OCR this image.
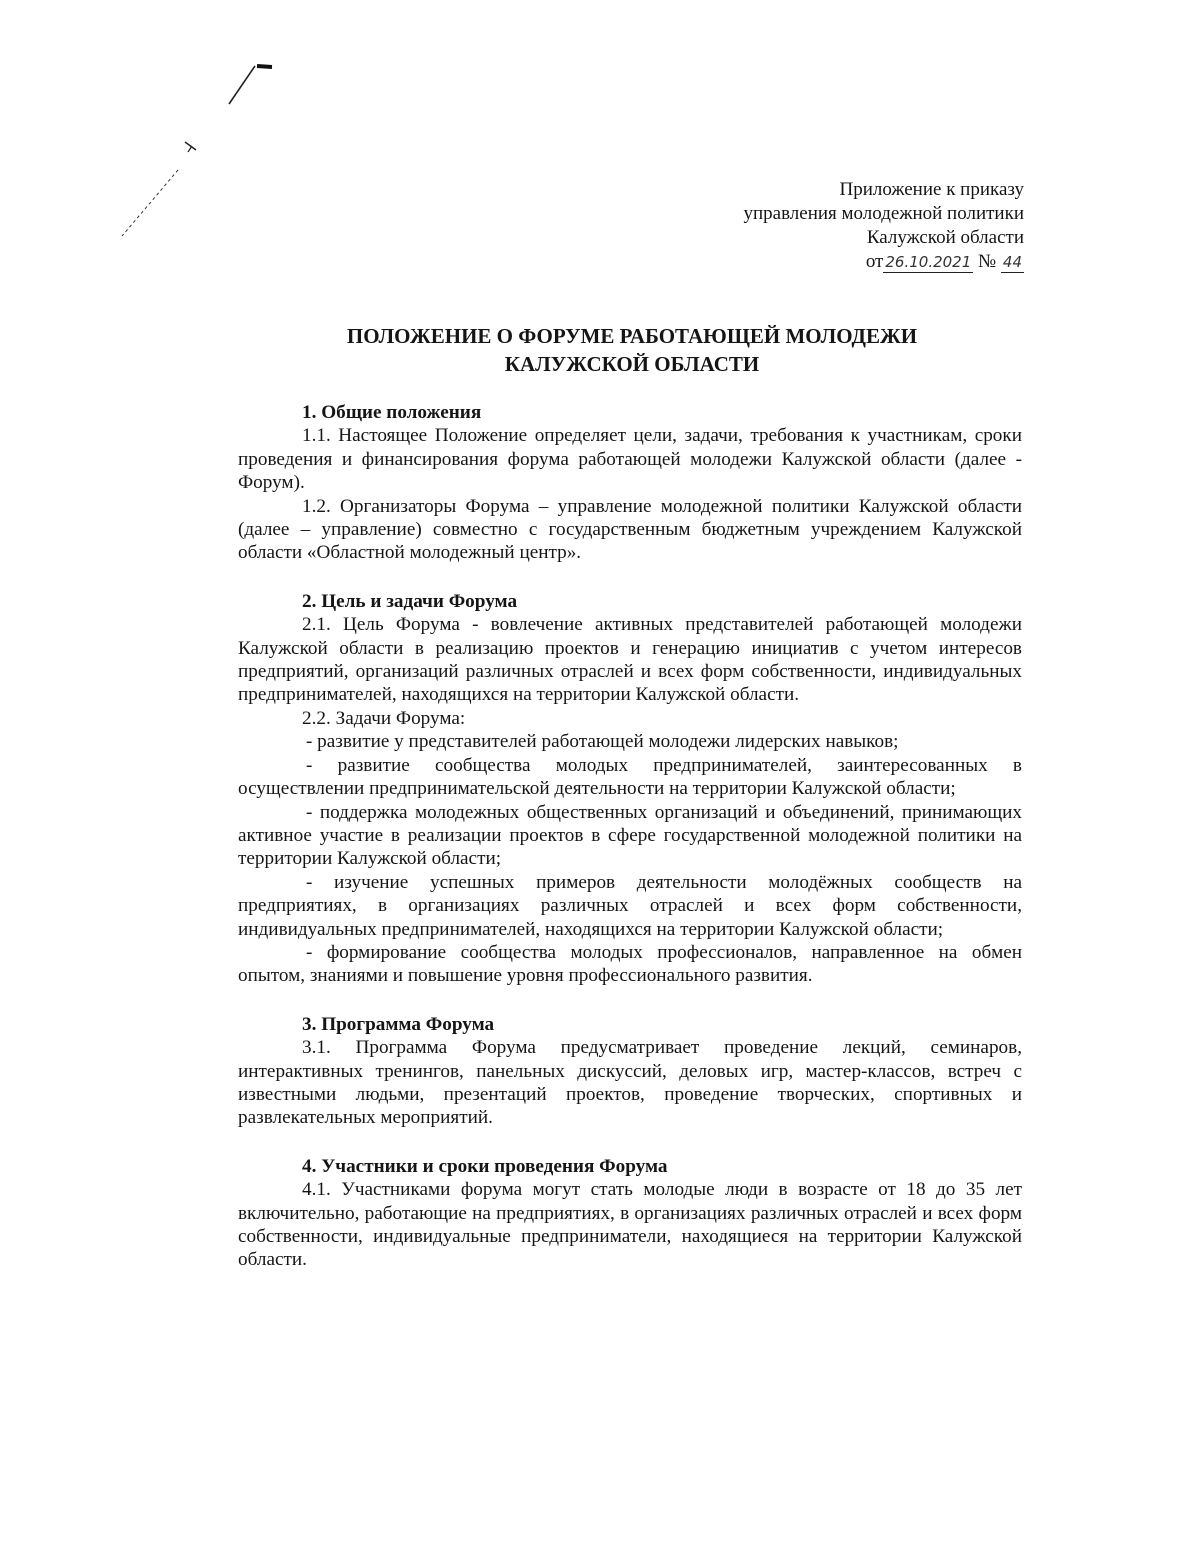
Приложение к приказу
управления молодежной политики
Калужской области
от 26.10.2021 № 44
ПОЛОЖЕНИЕ О ФОРУМЕ РАБОТАЮЩЕЙ МОЛОДЕЖИ
КАЛУЖСКОЙ ОБЛАСТИ
1. Общие положения
1.1. Настоящее Положение определяет цели, задачи, требования к участникам, сроки проведения и финансирования форума работающей молодежи Калужской области (далее - Форум).
1.2. Организаторы Форума – управление молодежной политики Калужской области (далее – управление) совместно с государственным бюджетным учреждением Калужской области «Областной молодежный центр».
2. Цель и задачи Форума
2.1. Цель Форума - вовлечение активных представителей работающей молодежи Калужской области в реализацию проектов и генерацию инициатив с учетом интересов предприятий, организаций различных отраслей и всех форм собственности, индивидуальных предпринимателей, находящихся на территории Калужской области.
2.2. Задачи Форума:
- развитие у представителей работающей молодежи лидерских навыков;
- развитие сообщества молодых предпринимателей, заинтересованных в осуществлении предпринимательской деятельности на территории Калужской области;
- поддержка молодежных общественных организаций и объединений, принимающих активное участие в реализации проектов в сфере государственной молодежной политики на территории Калужской области;
- изучение успешных примеров деятельности молодёжных сообществ на предприятиях, в организациях различных отраслей и всех форм собственности, индивидуальных предпринимателей, находящихся на территории Калужской области;
- формирование сообщества молодых профессионалов, направленное на обмен опытом, знаниями и повышение уровня профессионального развития.
3. Программа Форума
3.1. Программа Форума предусматривает проведение лекций, семинаров, интерактивных тренингов, панельных дискуссий, деловых игр, мастер-классов, встреч с известными людьми, презентаций проектов, проведение творческих, спортивных и развлекательных мероприятий.
4. Участники и сроки проведения Форума
4.1. Участниками форума могут стать молодые люди в возрасте от 18 до 35 лет включительно, работающие на предприятиях, в организациях различных отраслей и всех форм собственности, индивидуальные предприниматели, находящиеся на территории Калужской области.
